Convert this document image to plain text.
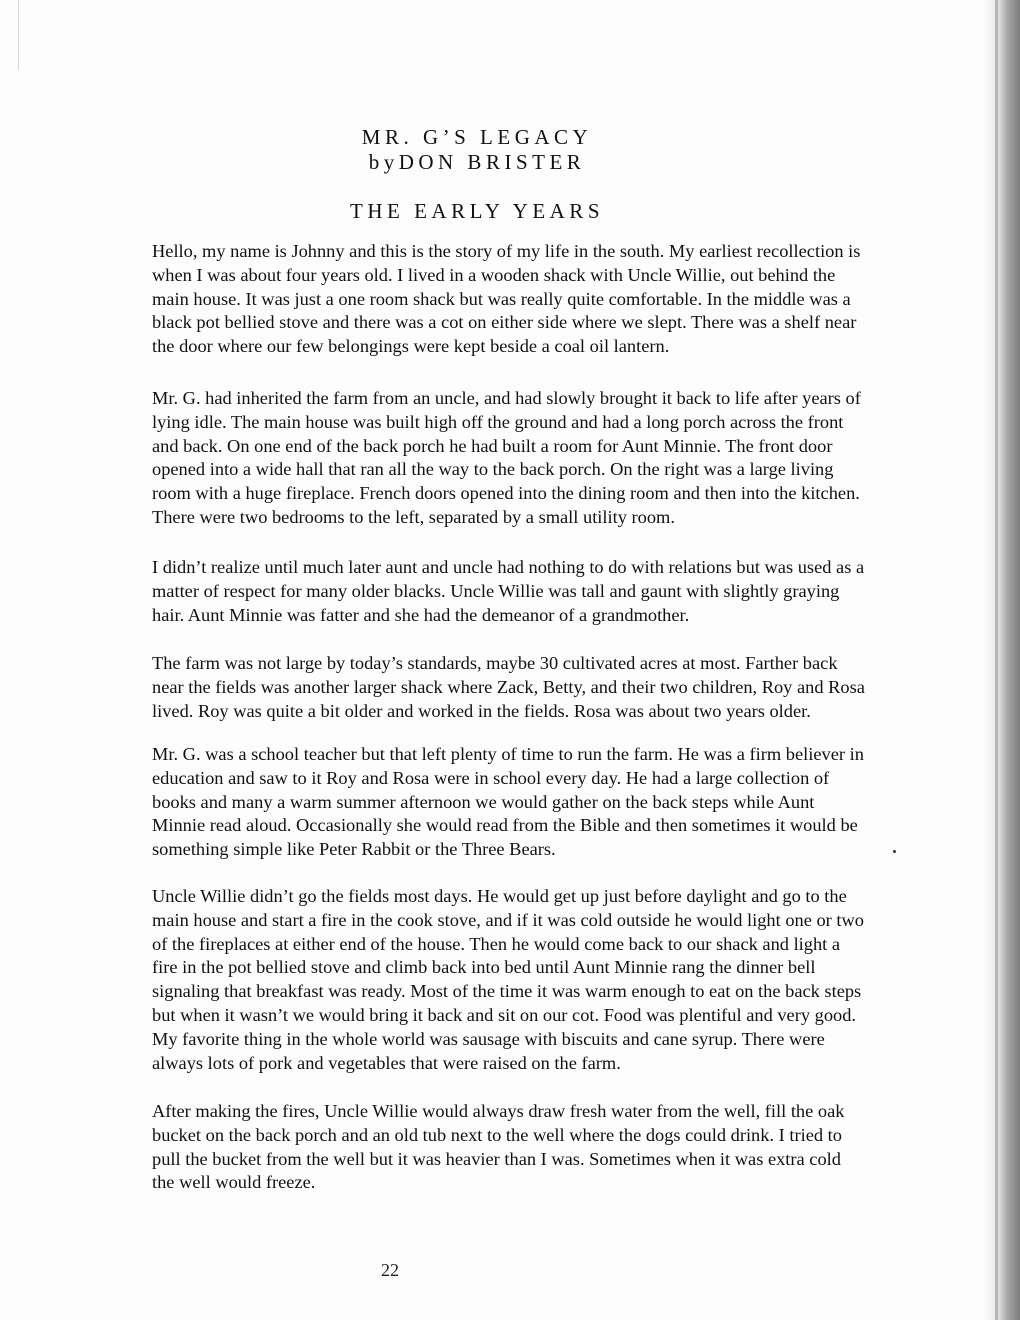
MR. G’S LEGACY
byDON BRISTER
THE EARLY YEARS
Hello, my name is Johnny and this is the story of my life in the south. My earliest recollection is
when I was about four years old. I lived in a wooden shack with Uncle Willie, out behind the
main house. It was just a one room shack but was really quite comfortable. In the middle was a
black pot bellied stove and there was a cot on either side where we slept. There was a shelf near
the door where our few belongings were kept beside a coal oil lantern.
Mr. G. had inherited the farm from an uncle, and had slowly brought it back to life after years of
lying idle. The main house was built high off the ground and had a long porch across the front
and back. On one end of the back porch he had built a room for Aunt Minnie. The front door
opened into a wide hall that ran all the way to the back porch. On the right was a large living
room with a huge fireplace. French doors opened into the dining room and then into the kitchen.
There were two bedrooms to the left, separated by a small utility room.
I didn’t realize until much later aunt and uncle had nothing to do with relations but was used as a
matter of respect for many older blacks. Uncle Willie was tall and gaunt with slightly graying
hair. Aunt Minnie was fatter and she had the demeanor of a grandmother.
The farm was not large by today’s standards, maybe 30 cultivated acres at most. Farther back
near the fields was another larger shack where Zack, Betty, and their two children, Roy and Rosa
lived. Roy was quite a bit older and worked in the fields. Rosa was about two years older.
Mr. G. was a school teacher but that left plenty of time to run the farm. He was a firm believer in
education and saw to it Roy and Rosa were in school every day. He had a large collection of
books and many a warm summer afternoon we would gather on the back steps while Aunt
Minnie read aloud. Occasionally she would read from the Bible and then sometimes it would be
something simple like Peter Rabbit or the Three Bears.
Uncle Willie didn’t go the fields most days. He would get up just before daylight and go to the
main house and start a fire in the cook stove, and if it was cold outside he would light one or two
of the fireplaces at either end of the house. Then he would come back to our shack and light a
fire in the pot bellied stove and climb back into bed until Aunt Minnie rang the dinner bell
signaling that breakfast was ready. Most of the time it was warm enough to eat on the back steps
but when it wasn’t we would bring it back and sit on our cot. Food was plentiful and very good.
My favorite thing in the whole world was sausage with biscuits and cane syrup. There were
always lots of pork and vegetables that were raised on the farm.
After making the fires, Uncle Willie would always draw fresh water from the well, fill the oak
bucket on the back porch and an old tub next to the well where the dogs could drink. I tried to
pull the bucket from the well but it was heavier than I was. Sometimes when it was extra cold
the well would freeze.
22
